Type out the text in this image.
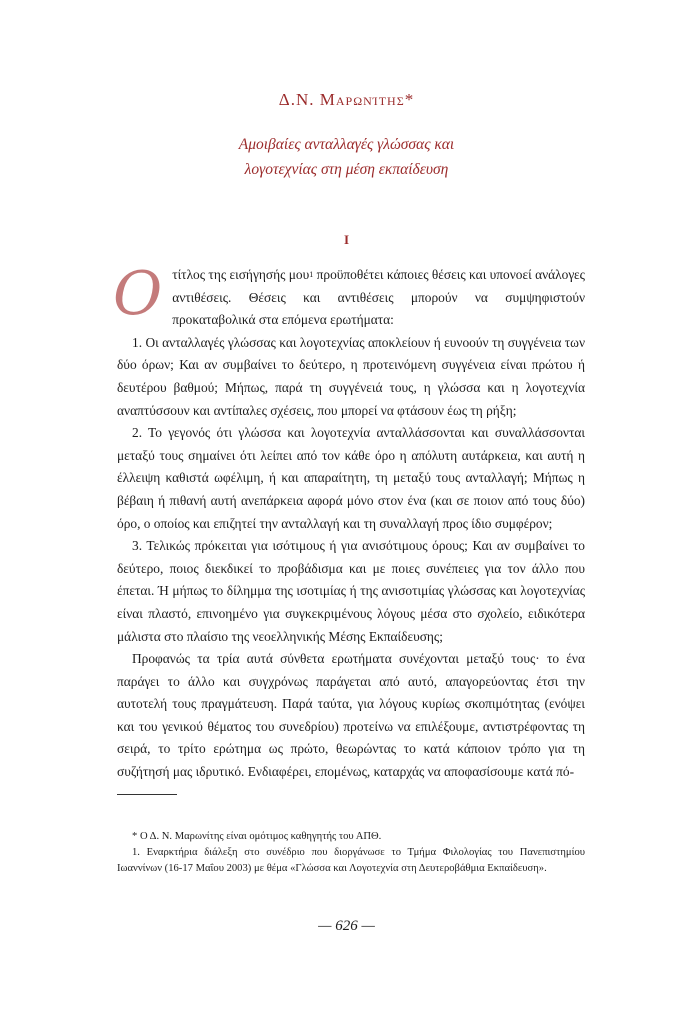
Δ.Ν. Μαρωνίτης*
Αμοιβαίες ανταλλαγές γλώσσας και
λογοτεχνίας στη μέση εκπαίδευση
Ι

Οτίτλος της εισήγησής μου$^1$ προϋποθέτει κάποιες θέσεις και υπονοεί ανάλογες αντιθέσεις. Θέσεις και αντιθέσεις μπορούν να συμψηφιστούν προκαταβολικά στα επόμενα ερωτήματα:

1. Οι ανταλλαγές γλώσσας και λογοτεχνίας αποκλείουν ή ευνοούν τη συγγένεια των δύο όρων; Και αν συμβαίνει το δεύτερο, η προτεινόμενη συγγένεια είναι πρώτου ή δευτέρου βαθμού; Μήπως, παρά τη συγγένειά τους, η γλώσσα και η λογοτεχνία αναπτύσσουν και αντίπαλες σχέσεις, που μπορεί να φτάσουν έως τη ρήξη;

2. Το γεγονός ότι γλώσσα και λογοτεχνία ανταλλάσσονται και συναλλάσσονται μεταξύ τους σημαίνει ότι λείπει από τον κάθε όρο η απόλυτη αυτάρκεια, και αυτή η έλλειψη καθιστά ωφέλιμη, ή και απαραίτητη, τη μεταξύ τους ανταλλαγή; Μήπως η βέβαιη ή πιθανή αυτή ανεπάρκεια αφορά μόνο στον ένα (και σε ποιον από τους δύο) όρο, ο οποίος και επιζητεί την ανταλλαγή και τη συναλλαγή προς ίδιο συμφέρον;

3. Τελικώς πρόκειται για ισότιμους ή για ανισότιμους όρους; Και αν συμβαίνει το δεύτερο, ποιος διεκδικεί το προβάδισμα και με ποιες συνέπειες για τον άλλο που έπεται. Ή μήπως το δίλημμα της ισοτιμίας ή της ανισοτιμίας γλώσσας και λογοτεχνίας είναι πλαστό, επινοημένο για συγκεκριμένους λόγους μέσα στο σχολείο, ειδικότερα μάλιστα στο πλαίσιο της νεοελληνικής Μέσης Εκπαίδευσης;

Προφανώς τα τρία αυτά σύνθετα ερωτήματα συνέχονται μεταξύ τους· το ένα παράγει το άλλο και συγχρόνως παράγεται από αυτό, απαγορεύοντας έτσι την αυτοτελή τους πραγμάτευση. Παρά ταύτα, για λόγους κυρίως σκοπιμότητας (ενόψει και του γενικού θέματος του συνεδρίου) προτείνω να επιλέξουμε, αντιστρέφοντας τη σειρά, το τρίτο ερώτημα ως πρώτο, θεωρώντας το κατά κάποιον τρόπο για τη συζήτησή μας ιδρυτικό. Ενδιαφέρει, επομένως, καταρχάς να αποφασίσουμε κατά πό-

* Ο Δ. Ν. Μαρωνίτης είναι ομότιμος καθηγητής του ΑΠΘ.

1. Εναρκτήρια διάλεξη στο συνέδριο που διοργάνωσε το Τμήμα Φιλολογίας του Πανεπιστημίου Ιωαννίνων (16-17 Μαΐου 2003) με θέμα «Γλώσσα και Λογοτεχνία στη Δευτεροβάθμια Εκπαίδευση».

— 626 —
